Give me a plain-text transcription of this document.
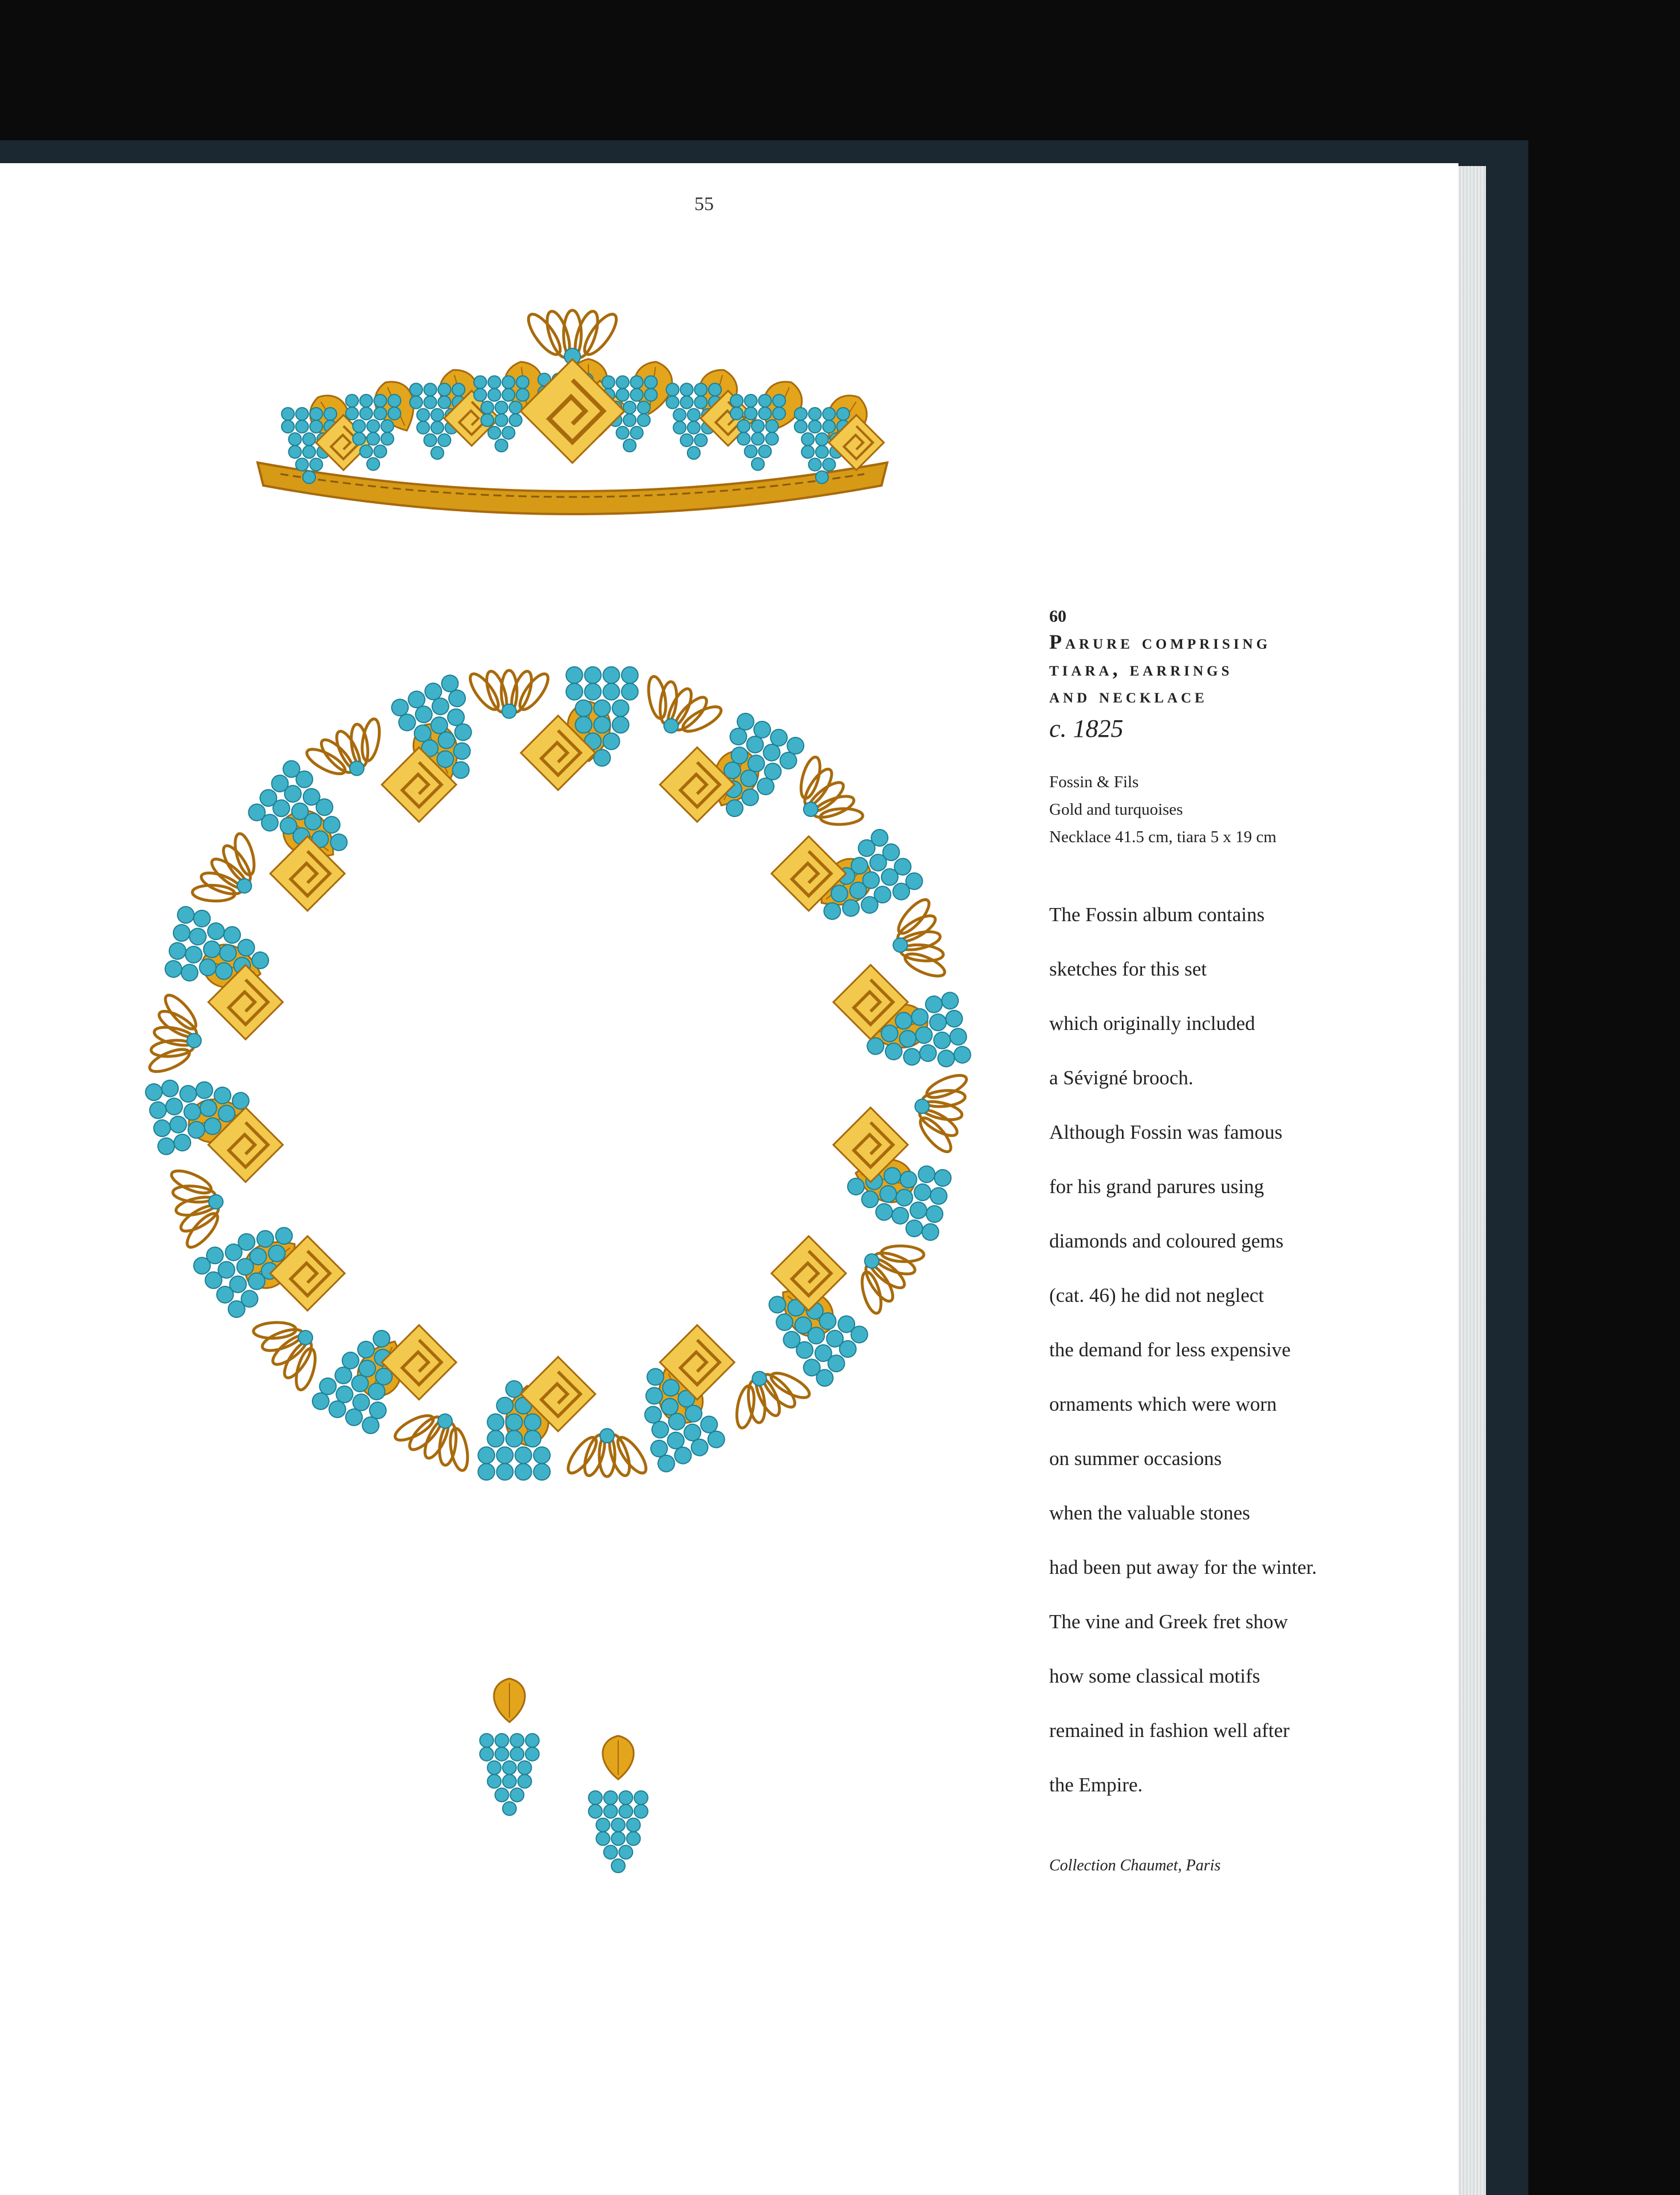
55
60
Parure comprising
tiara, earrings
and necklace
c. 1825
Fossin & Fils
Gold and turquoises
Necklace 41.5 cm, tiara 5 x 19 cm

The Fossin album contains

sketches for this set

which originally included

a Sévigné brooch.

Although Fossin was famous

for his grand parures using

diamonds and coloured gems

(cat. 46) he did not neglect

the demand for less expensive

ornaments which were worn

on summer occasions

when the valuable stones

had been put away for the winter.

The vine and Greek fret show

how some classical motifs

remained in fashion well after

the Empire.

Collection Chaumet, Paris
